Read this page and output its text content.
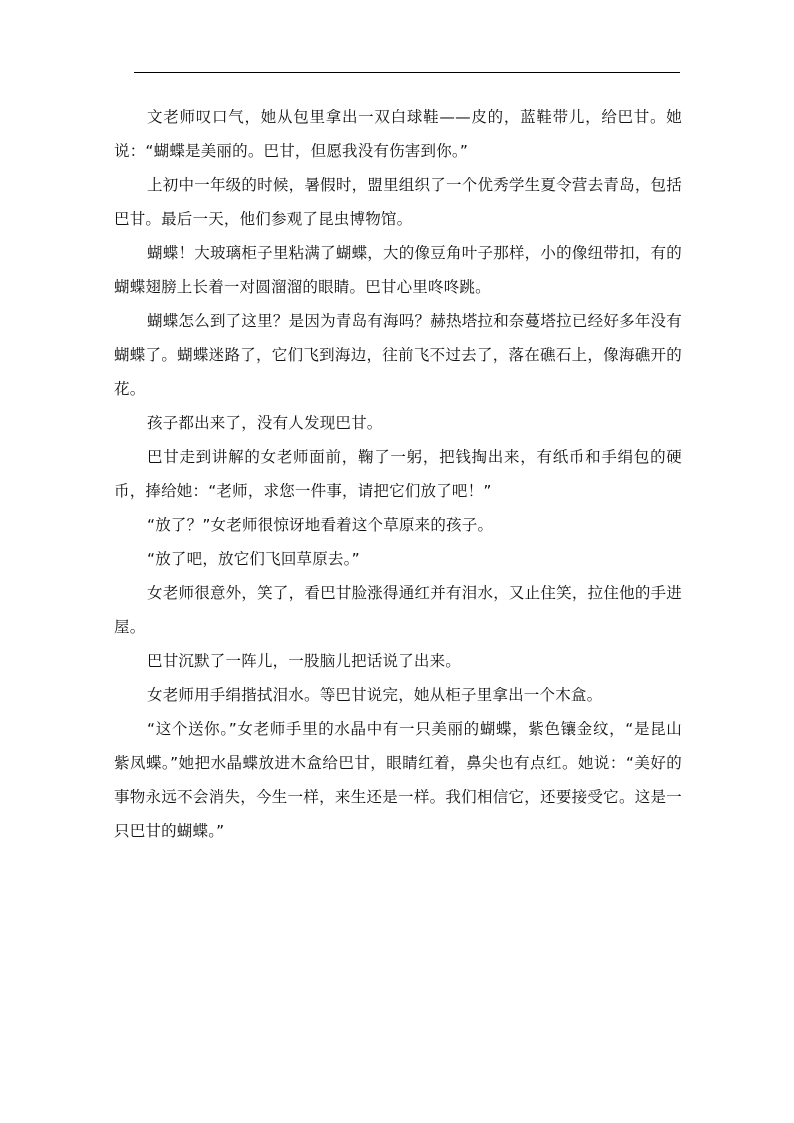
文老师叹口气，她从包里拿出一双白球鞋——皮的，蓝鞋带儿，给巴甘。她说：“蝴蝶是美丽的。巴甘，但愿我没有伤害到你。”

上初中一年级的时候，暑假时，盟里组织了一个优秀学生夏令营去青岛，包括巴甘。最后一天，他们参观了昆虫博物馆。

蝴蝶！大玻璃柜子里粘满了蝴蝶，大的像豆角叶子那样，小的像纽带扣，有的蝴蝶翅膀上长着一对圆溜溜的眼睛。巴甘心里咚咚跳。

蝴蝶怎么到了这里？是因为青岛有海吗？赫热塔拉和奈蔓塔拉已经好多年没有蝴蝶了。蝴蝶迷路了，它们飞到海边，往前飞不过去了，落在礁石上，像海礁开的花。

孩子都出来了，没有人发现巴甘。

巴甘走到讲解的女老师面前，鞠了一躬，把钱掏出来，有纸币和手绢包的硬币，捧给她：“老师，求您一件事，请把它们放了吧！”

“放了？”女老师很惊讶地看着这个草原来的孩子。

“放了吧，放它们飞回草原去。”

女老师很意外，笑了，看巴甘脸涨得通红并有泪水，又止住笑，拉住他的手进屋。

巴甘沉默了一阵儿，一股脑儿把话说了出来。

女老师用手绢揩拭泪水。等巴甘说完，她从柜子里拿出一个木盒。

“这个送你。”女老师手里的水晶中有一只美丽的蝴蝶，紫色镶金纹，“是昆山紫凤蝶。”她把水晶蝶放进木盒给巴甘，眼睛红着，鼻尖也有点红。她说：“美好的事物永远不会消失，今生一样，来生还是一样。我们相信它，还要接受它。这是一只巴甘的蝴蝶。”
